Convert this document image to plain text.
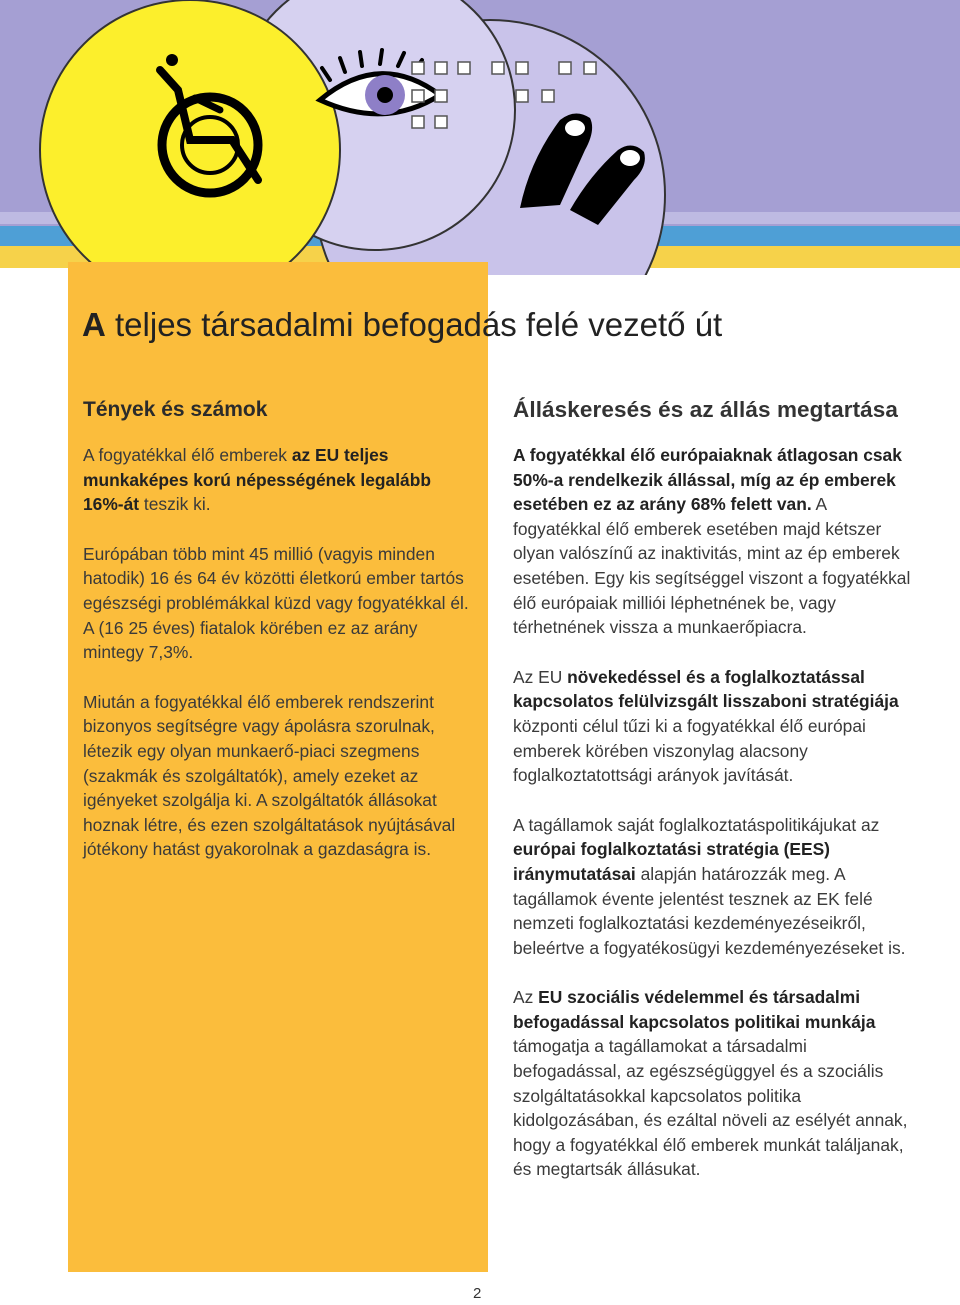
A teljes társadalmi befogadás felé vezető út
Tények és számok

A fogyatékkal élő emberek az EU teljes munkaképes korú népességének legalább 16%-át teszik ki.

Európában több mint 45 millió (vagyis minden hatodik) 16 és 64 év közötti életkorú ember tartós egészségi problémákkal küzd vagy fogyatékkal él. A (16 25 éves) fiatalok körében ez az arány mintegy 7,3%.

Miután a fogyatékkal élő emberek rendszerint bizonyos segítségre vagy ápolásra szorulnak, létezik egy olyan munkaerő-piaci szegmens (szakmák és szolgáltatók), amely ezeket az igényeket szolgálja ki. A szolgáltatók állásokat hoznak létre, és ezen szolgáltatások nyújtásával jótékony hatást gyakorolnak a gazdaságra is.

Álláskeresés és az állás megtartása

A fogyatékkal élő európaiaknak átlagosan csak 50%-a rendelkezik állással, míg az ép emberek esetében ez az arány 68% felett van. A fogyatékkal élő emberek esetében majd kétszer olyan valószínű az inaktivitás, mint az ép emberek esetében. Egy kis segítséggel viszont a fogyatékkal élő európaiak milliói léphetnének be, vagy térhetnének vissza a munkaerőpiacra.

Az EU növekedéssel és a foglalkoztatással kapcsolatos felülvizsgált lisszaboni stratégiája központi célul tűzi ki a fogyatékkal élő európai emberek körében viszonylag alacsony foglalkoztatottsági arányok javítását.

A tagállamok saját foglalkoztatáspolitikájukat az európai foglalkoztatási stratégia (EES) iránymutatásai alapján határozzák meg. A tagállamok évente jelentést tesznek az EK felé nemzeti foglalkoztatási kezdeményezéseikről, beleértve a fogyatékosügyi kezdeményezéseket is.

Az EU szociális védelemmel és társadalmi befogadással kapcsolatos politikai munkája támogatja a tagállamokat a társadalmi befogadással, az egészségüggyel és a szociális szolgáltatásokkal kapcsolatos politika kidolgozásában, és ezáltal növeli az esélyét annak, hogy a fogyatékkal élő emberek munkát találjanak, és megtartsák állásukat.

2
